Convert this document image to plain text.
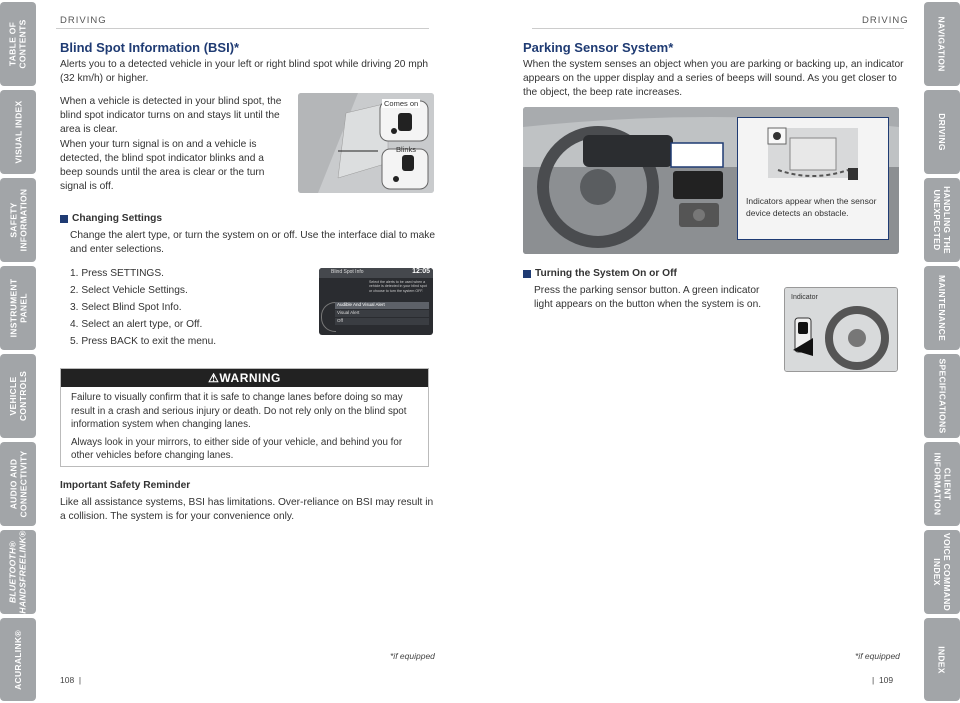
TABLE OF
CONTENTS
VISUAL INDEX
SAFETY
INFORMATION
INSTRUMENT
PANEL
VEHICLE
CONTROLS
AUDIO AND
CONNECTIVITY
BLUETOOTH®
HANDSFREELINK®
ACURALINK®
NAVIGATION
DRIVING
HANDLING THE
UNEXPECTED
MAINTENANCE
SPECIFICATIONS
CLIENT
INFORMATION
VOICE COMMAND
INDEX
INDEX
DRIVING
Blind Spot Information (BSI)*

Alerts you to a detected vehicle in your left or right blind spot while driving 20 mph (32 km/h) or higher.

When a vehicle is detected in your blind spot, the blind spot indicator turns on and stays lit until the area is clear.

When your turn signal is on and a vehicle is detected, the blind spot indicator blinks and a beep sounds until the area is clear or the turn signal is off.

Comes on
Blinks
Changing Settings

Change the alert type, or turn the system on or off. Use the interface dial to make and enter selections.

1. Press SETTINGS.
2. Select Vehicle Settings.
3. Select Blind Spot Info.
4. Select an alert type, or Off.
5. Press BACK to exit the menu.
Blind Spot Info	12:05
Select the alerts to be used when a vehicle is detected in your blind spot or choose to turn the system OFF.
Audible And Visual Alert
Visual Alert
Off
⚠ WARNING

Failure to visually confirm that it is safe to change lanes before doing so may result in a crash and serious injury or death. Do not rely only on the blind spot information system when changing lanes.

Always look in your mirrors, to either side of your vehicle, and behind you for other vehicles before changing lanes.

Important Safety Reminder

Like all assistance systems, BSI has limitations. Over-reliance on BSI may result in a collision. The system is for your convenience only.

*if equipped
108  |
DRIVING
Parking Sensor System*

When the system senses an object when you are parking or backing up, an indicator appears on the upper display and a series of beeps will sound. As you get closer to the object, the beep rate increases.

Indicators appear when the sensor device detects an obstacle.
Turning the System On or Off

Press the parking sensor button. A green indicator light appears on the button when the system is on.

Indicator
*if equipped
|  109
